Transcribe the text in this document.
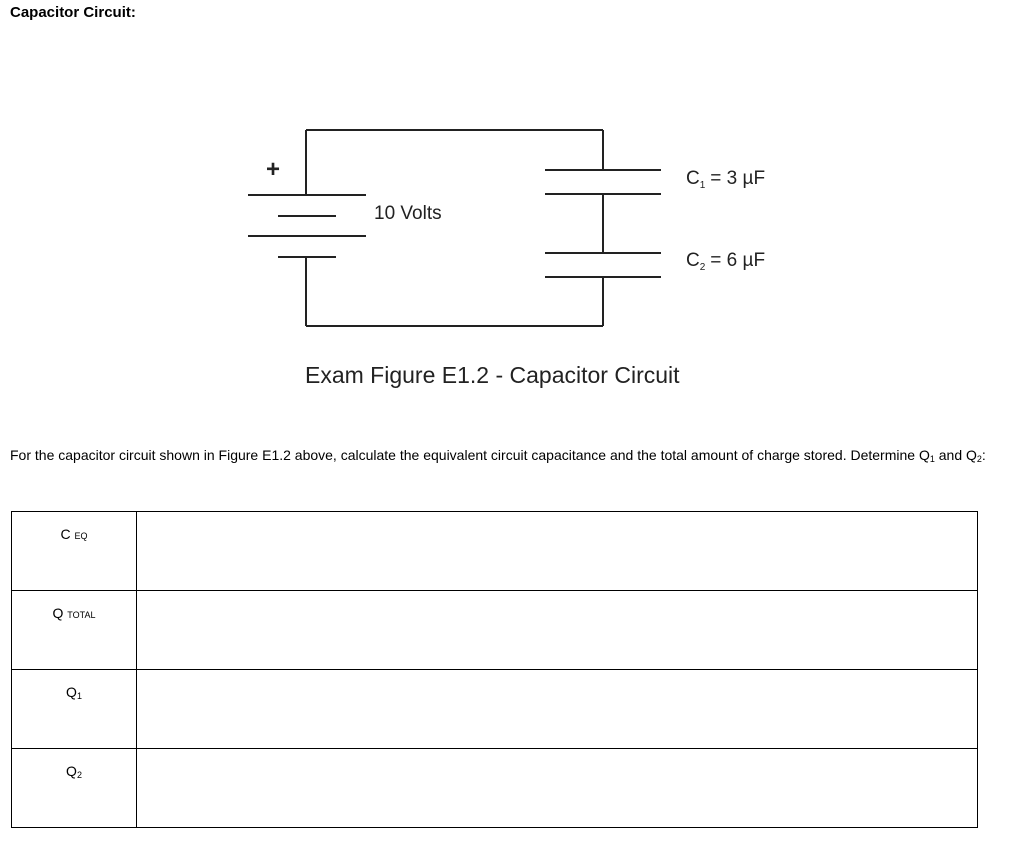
Capacitor Circuit:
+
10 Volts
$C_1 = 3$ µF
$C_2 = 6$ µF
Exam Figure E1.2 - Capacitor Circuit
For the capacitor circuit shown in Figure E1.2 above, calculate the equivalent circuit capacitance and the total amount of charge stored. Determine Q1 and Q2:
C EQ	
Q TOTAL	
Q1	
Q2	
